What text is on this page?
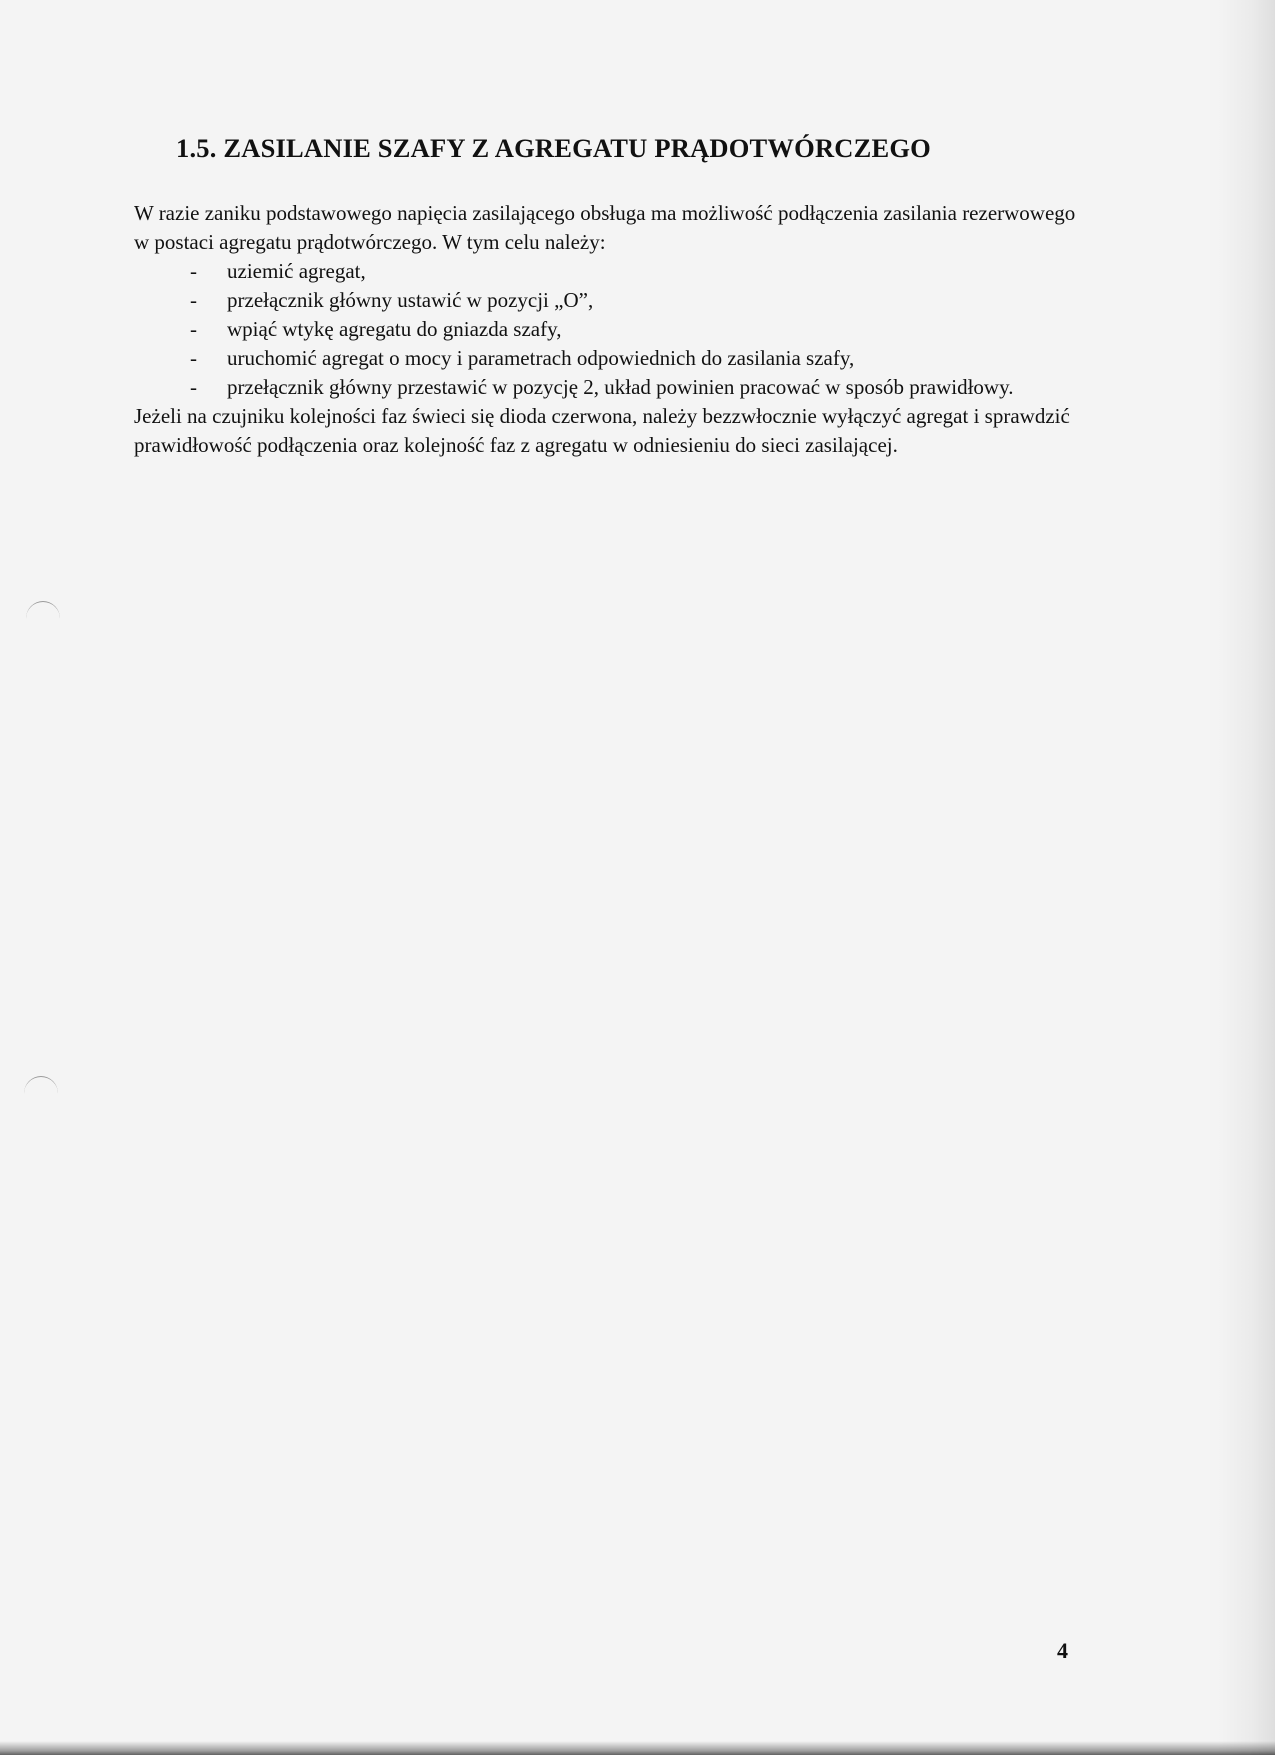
1.5. ZASILANIE SZAFY Z AGREGATU PRĄDOTWÓRCZEGO

W razie zaniku podstawowego napięcia zasilającego obsługa ma możliwość podłączenia zasilania rezerwowego w postaci agregatu prądotwórczego. W tym celu należy:

- uziemić agregat,
- przełącznik główny ustawić w pozycji „O”,
- wpiąć wtykę agregatu do gniazda szafy,
- uruchomić agregat o mocy i parametrach odpowiednich do zasilania szafy,
- przełącznik główny przestawić w pozycję 2, układ powinien pracować w sposób prawidłowy.

Jeżeli na czujniku kolejności faz świeci się dioda czerwona, należy bezzwłocznie wyłączyć agregat i sprawdzić prawidłowość podłączenia oraz kolejność faz z agregatu w odniesieniu do sieci zasilającej.

4
